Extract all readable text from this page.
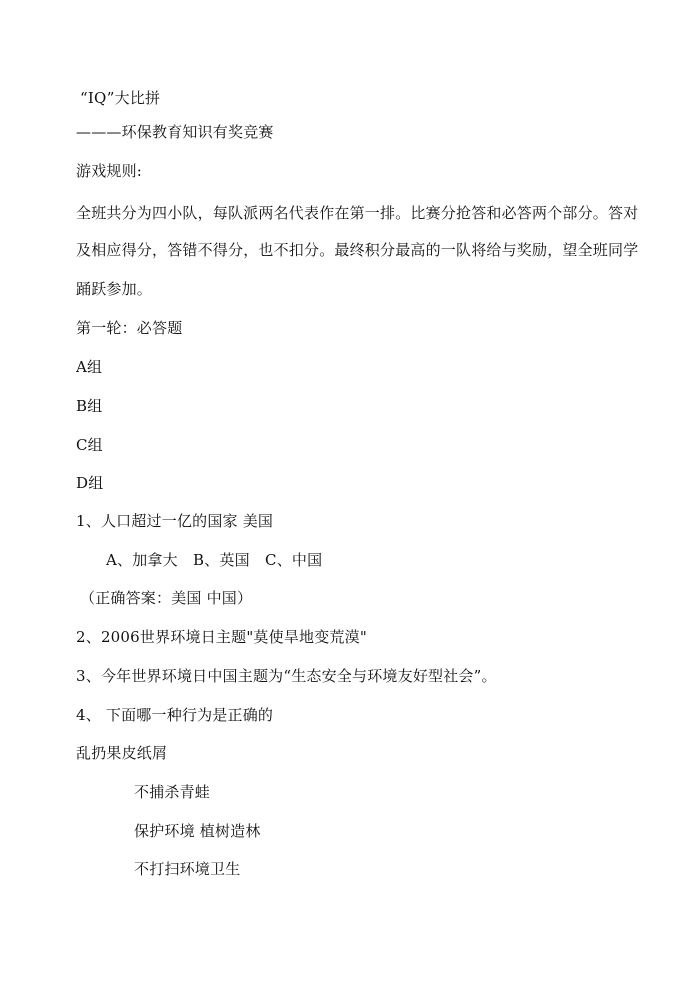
“IQ”大比拼
———环保教育知识有奖竞赛
游戏规则:
全班共分为四小队，每队派两名代表作在第一排。比赛分抢答和必答两个部分。答对
及相应得分，答错不得分，也不扣分。最终积分最高的一队将给与奖励，望全班同学
踊跃参加。
第一轮：必答题
A组
B组
C组
D组
1、人口超过一亿的国家 美国
A、加拿大　B、英国　C、中国
（正确答案：美国 中国）
2、2006世界环境日主题"莫使旱地变荒漠"
3、今年世界环境日中国主题为“生态安全与环境友好型社会”。
4、 下面哪一种行为是正确的
乱扔果皮纸屑
不捕杀青蛙
保护环境 植树造林
不打扫环境卫生
